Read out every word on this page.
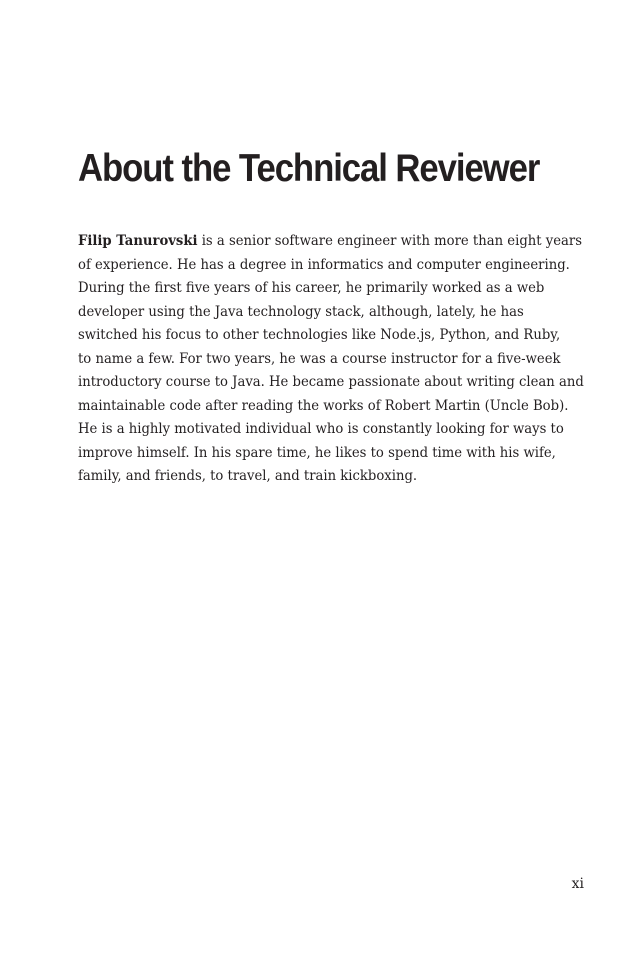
About the Technical Reviewer
Filip Tanurovski is a senior software engineer with more than eight years
of experience. He has a degree in informatics and computer engineering.
During the first five years of his career, he primarily worked as a web
developer using the Java technology stack, although, lately, he has
switched his focus to other technologies like Node.js, Python, and Ruby,
to name a few. For two years, he was a course instructor for a five-week
introductory course to Java. He became passionate about writing clean and
maintainable code after reading the works of Robert Martin (Uncle Bob).
He is a highly motivated individual who is constantly looking for ways to
improve himself. In his spare time, he likes to spend time with his wife,
family, and friends, to travel, and train kickboxing.
xi
